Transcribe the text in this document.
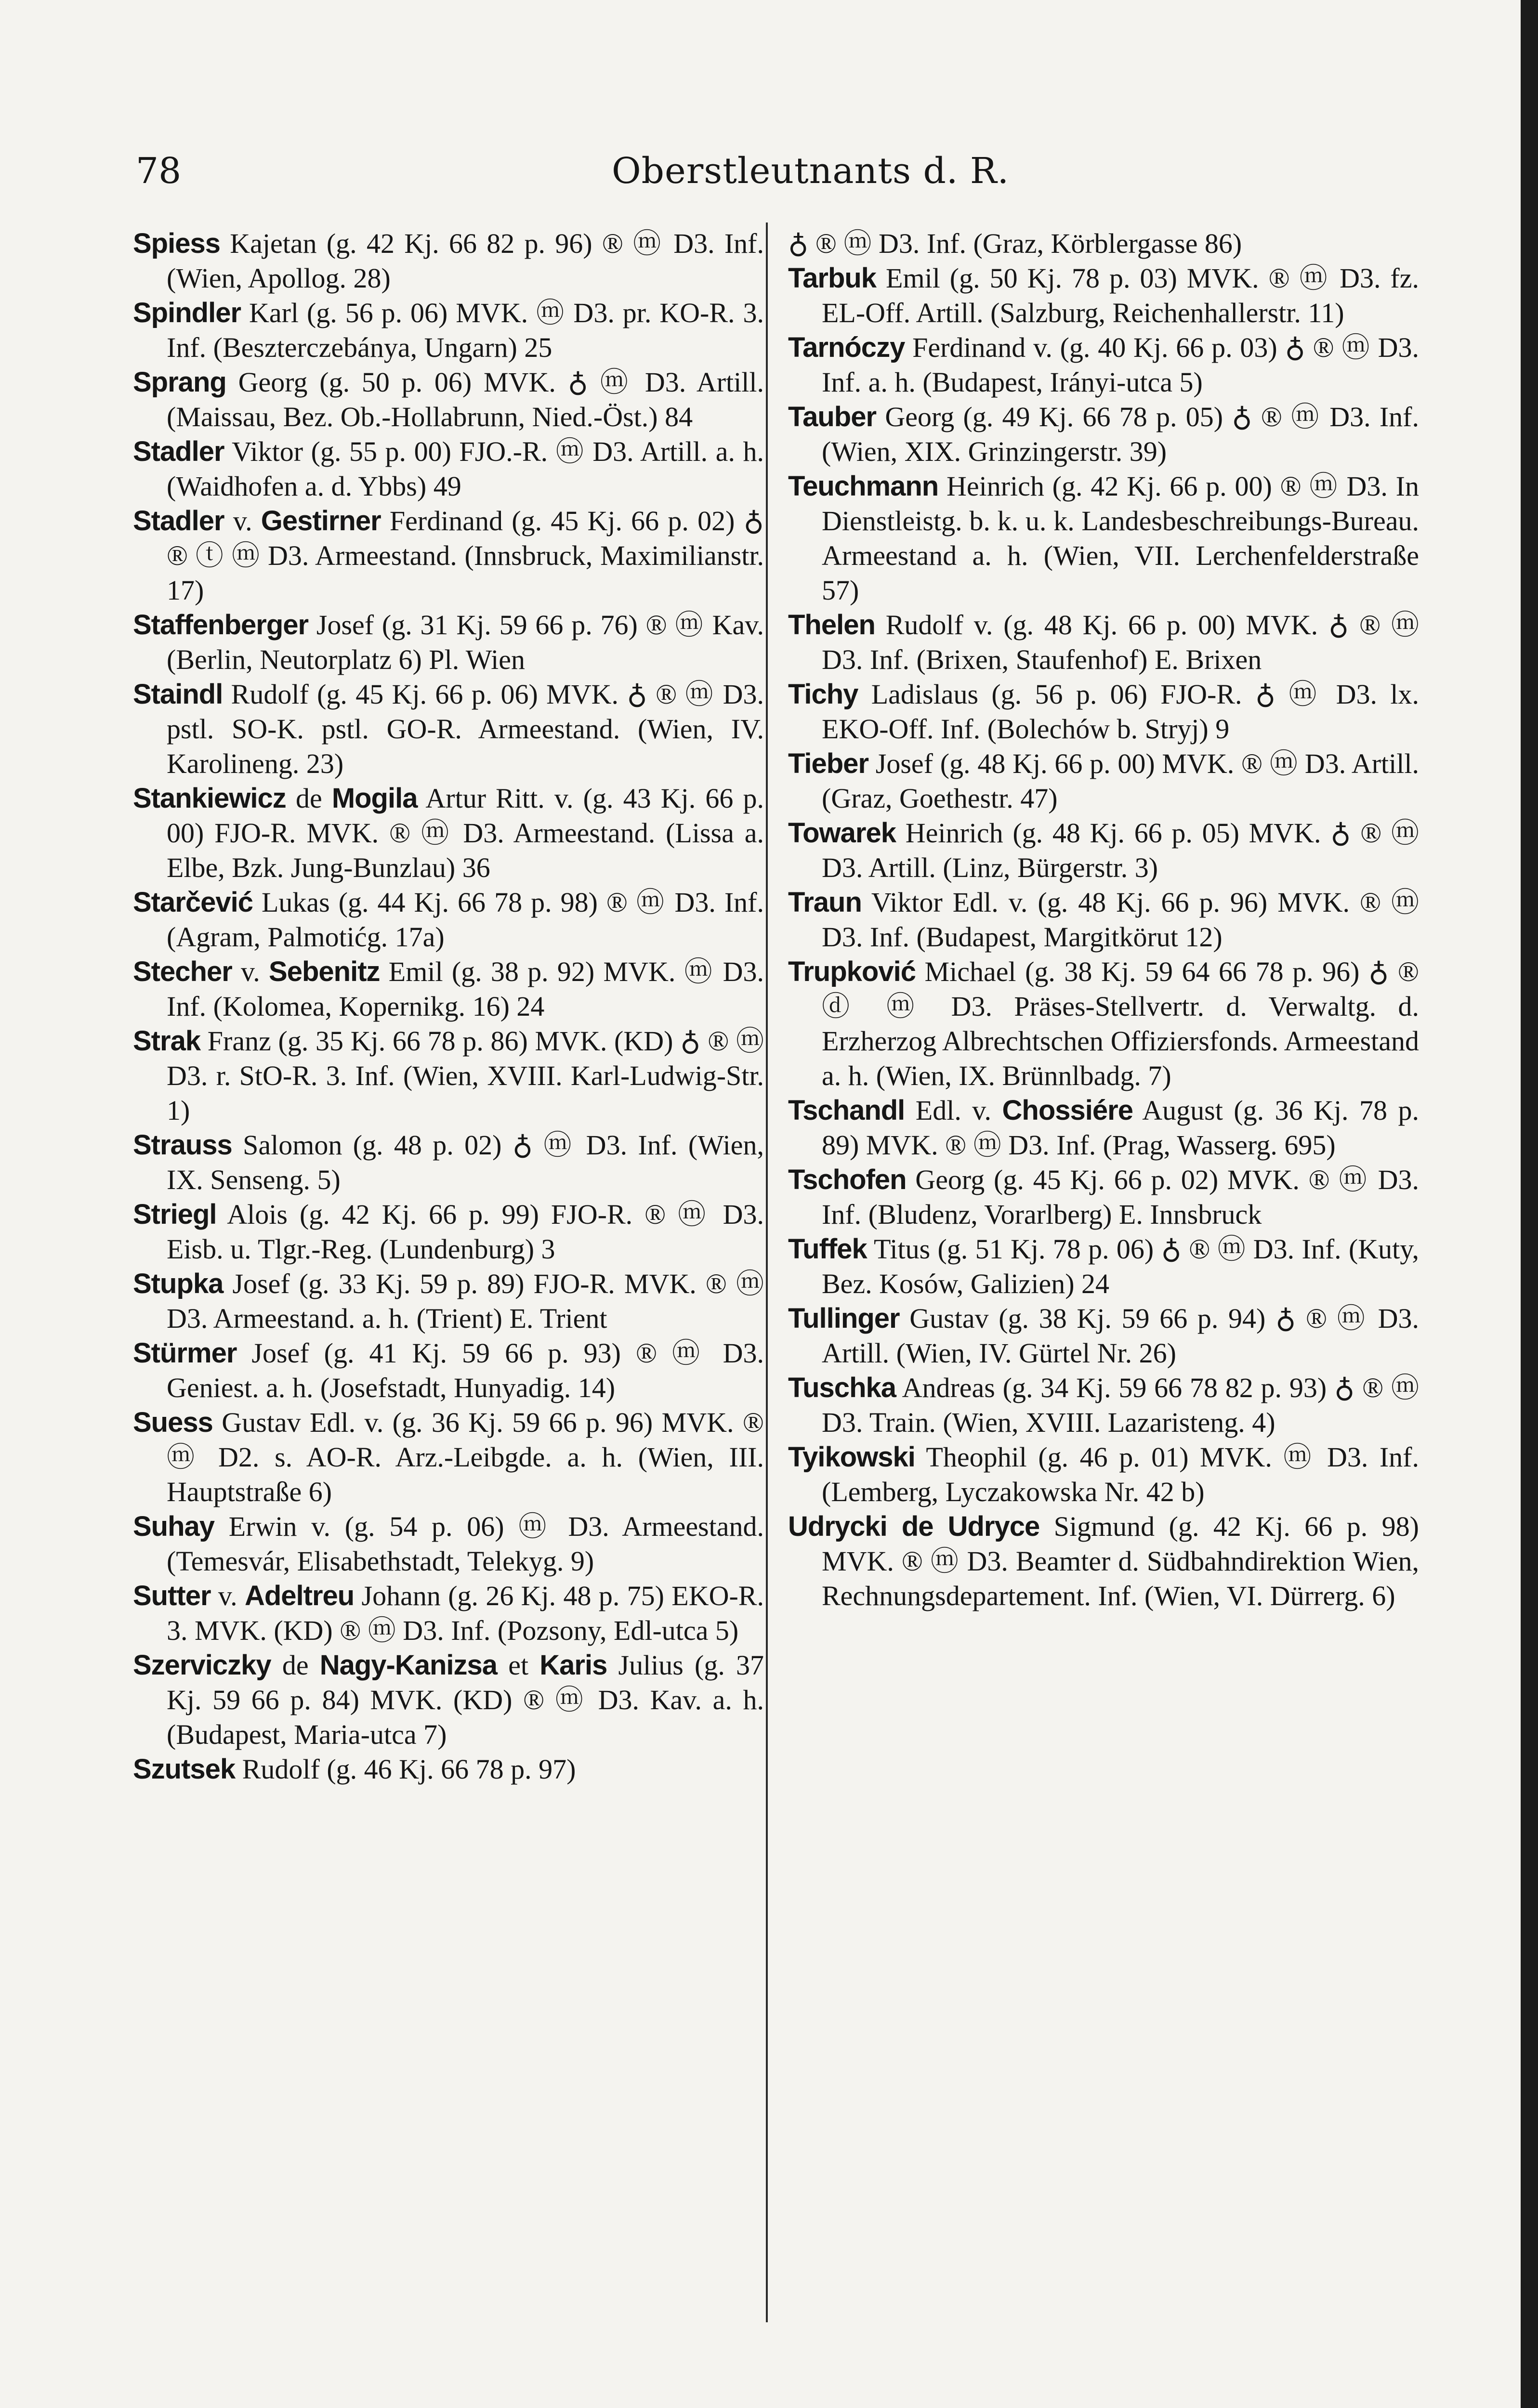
78	Oberstleutnants d. R.
Spiess Kajetan (g. 42 Kj. 66 82 p. 96) ® ⓜ D3. Inf. (Wien, Apollog. 28)
Spindler Karl (g. 56 p. 06) MVK. ⓜ D3. pr. KO-R. 3. Inf. (Beszterczebánya, Ungarn) 25
Sprang Georg (g. 50 p. 06) MVK. ♁ ⓜ D3. Artill. (Maissau, Bez. Ob.-Hollabrunn, Nied.-Öst.) 84
Stadler Viktor (g. 55 p. 00) FJO.-R. ⓜ D3. Artill. a. h. (Waidhofen a. d. Ybbs) 49
Stadler v. Gestirner Ferdinand (g. 45 Kj. 66 p. 02) ♁ ® ⓣ ⓜ D3. Armeestand. (Innsbruck, Maximilianstr. 17)
Staffenberger Josef (g. 31 Kj. 59 66 p. 76) ® ⓜ Kav. (Berlin, Neutorplatz 6) Pl. Wien
Staindl Rudolf (g. 45 Kj. 66 p. 06) MVK. ♁ ® ⓜ D3. pstl. SO-K. pstl. GO-R. Armeestand. (Wien, IV. Karolineng. 23)
Stankiewicz de Mogila Artur Ritt. v. (g. 43 Kj. 66 p. 00) FJO-R. MVK. ® ⓜ D3. Armeestand. (Lissa a. Elbe, Bzk. Jung-Bunzlau) 36
Starčević Lukas (g. 44 Kj. 66 78 p. 98) ® ⓜ D3. Inf. (Agram, Palmotićg. 17a)
Stecher v. Sebenitz Emil (g. 38 p. 92) MVK. ⓜ D3. Inf. (Kolomea, Kopernikg. 16) 24
Strak Franz (g. 35 Kj. 66 78 p. 86) MVK. (KD) ♁ ® ⓜ D3. r. StO-R. 3. Inf. (Wien, XVIII. Karl-Ludwig-Str. 1)
Strauss Salomon (g. 48 p. 02) ♁ ⓜ D3. Inf. (Wien, IX. Senseng. 5)
Striegl Alois (g. 42 Kj. 66 p. 99) FJO-R. ® ⓜ D3. Eisb. u. Tlgr.-Reg. (Lundenburg) 3
Stupka Josef (g. 33 Kj. 59 p. 89) FJO-R. MVK. ® ⓜ D3. Armeestand. a. h. (Trient) E. Trient
Stürmer Josef (g. 41 Kj. 59 66 p. 93) ® ⓜ D3. Geniest. a. h. (Josefstadt, Hunyadig. 14)
Suess Gustav Edl. v. (g. 36 Kj. 59 66 p. 96) MVK. ® ⓜ D2. s. AO-R. Arz.-Leibgde. a. h. (Wien, III. Hauptstraße 6)
Suhay Erwin v. (g. 54 p. 06) ⓜ D3. Armeestand. (Temesvár, Elisabethstadt, Telekyg. 9)
Sutter v. Adeltreu Johann (g. 26 Kj. 48 p. 75) EKO-R. 3. MVK. (KD) ® ⓜ D3. Inf. (Pozsony, Edl-utca 5)
Szerviczky de Nagy-Kanizsa et Karis Julius (g. 37 Kj. 59 66 p. 84) MVK. (KD) ® ⓜ D3. Kav. a. h. (Budapest, Maria-utca 7)
Szutsek Rudolf (g. 46 Kj. 66 78 p. 97)
♁ ® ⓜ D3. Inf. (Graz, Körblergasse 86)
Tarbuk Emil (g. 50 Kj. 78 p. 03) MVK. ® ⓜ D3. fz. EL-Off. Artill. (Salzburg, Reichenhallerstr. 11)
Tarnóczy Ferdinand v. (g. 40 Kj. 66 p. 03) ♁ ® ⓜ D3. Inf. a. h. (Budapest, Irányi-utca 5)
Tauber Georg (g. 49 Kj. 66 78 p. 05) ♁ ® ⓜ D3. Inf. (Wien, XIX. Grinzingerstr. 39)
Teuchmann Heinrich (g. 42 Kj. 66 p. 00) ® ⓜ D3. In Dienstleistg. b. k. u. k. Landesbeschreibungs-Bureau. Armeestand a. h. (Wien, VII. Lerchenfelderstraße 57)
Thelen Rudolf v. (g. 48 Kj. 66 p. 00) MVK. ♁ ® ⓜ D3. Inf. (Brixen, Staufenhof) E. Brixen
Tichy Ladislaus (g. 56 p. 06) FJO-R. ♁ ⓜ D3. lx. EKO-Off. Inf. (Bolechów b. Stryj) 9
Tieber Josef (g. 48 Kj. 66 p. 00) MVK. ® ⓜ D3. Artill. (Graz, Goethestr. 47)
Towarek Heinrich (g. 48 Kj. 66 p. 05) MVK. ♁ ® ⓜ D3. Artill. (Linz, Bürgerstr. 3)
Traun Viktor Edl. v. (g. 48 Kj. 66 p. 96) MVK. ® ⓜ D3. Inf. (Budapest, Margitkörut 12)
Trupković Michael (g. 38 Kj. 59 64 66 78 p. 96) ♁ ® ⓓ ⓜ D3. Präses-Stellvertr. d. Verwaltg. d. Erzherzog Albrechtschen Offiziersfonds. Armeestand a. h. (Wien, IX. Brünnlbadg. 7)
Tschandl Edl. v. Chossiére August (g. 36 Kj. 78 p. 89) MVK. ® ⓜ D3. Inf. (Prag, Wasserg. 695)
Tschofen Georg (g. 45 Kj. 66 p. 02) MVK. ® ⓜ D3. Inf. (Bludenz, Vorarlberg) E. Innsbruck
Tuffek Titus (g. 51 Kj. 78 p. 06) ♁ ® ⓜ D3. Inf. (Kuty, Bez. Kosów, Galizien) 24
Tullinger Gustav (g. 38 Kj. 59 66 p. 94) ♁ ® ⓜ D3. Artill. (Wien, IV. Gürtel Nr. 26)
Tuschka Andreas (g. 34 Kj. 59 66 78 82 p. 93) ♁ ® ⓜ D3. Train. (Wien, XVIII. Lazaristeng. 4)
Tyikowski Theophil (g. 46 p. 01) MVK. ⓜ D3. Inf. (Lemberg, Lyczakowska Nr. 42 b)
Udrycki de Udryce Sigmund (g. 42 Kj. 66 p. 98) MVK. ® ⓜ D3. Beamter d. Südbahndirektion Wien, Rechnungsdepartement. Inf. (Wien, VI. Dürrerg. 6)
